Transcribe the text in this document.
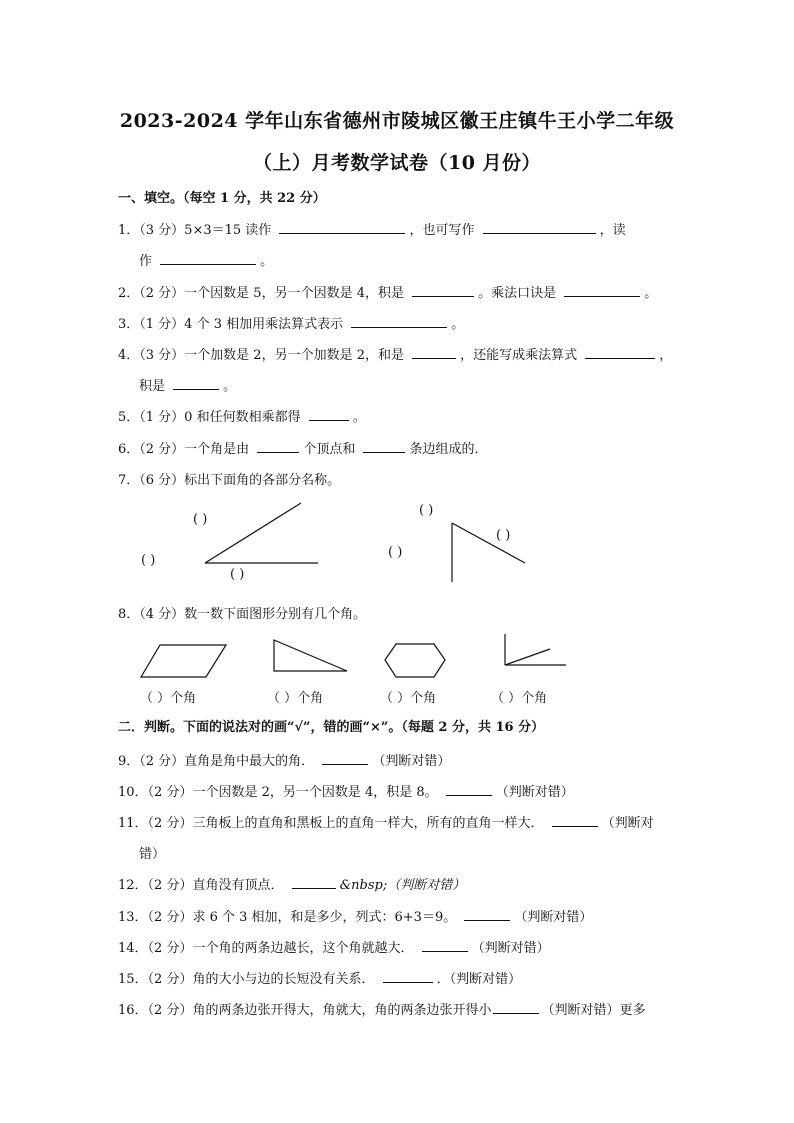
2023-2024 学年山东省德州市陵城区徽王庄镇牛王小学二年级
（上）月考数学试卷（10 月份）
一、填空。（每空 1 分，共 22 分）
1．（3 分）5×3＝15 读作	，也可写作	，读
作	。
2．（2 分）一个因数是 5，另一个因数是 4，积是	。乘法口诀是	。
3．（1 分）4 个 3 相加用乘法算式表示	。
4．（3 分）一个加数是 2，另一个加数是 2，和是	，还能写成乘法算式	，
积是	。
5．（1 分）0 和任何数相乘都得	。
6．（2 分）一个角是由	个顶点和	条边组成的．
7．（6 分）标出下面角的各部分名称。
( )
( )
( )
( )
( )
( )
8．（4 分）数一数下面图形分别有几个角。
（ ）个角	（ ）个角	（ ）个角	（ ）个角
二．判断。下面的说法对的画“√”，错的画“×”。（每题 2 分，共 16 分）
9．（2 分）直角是角中最大的角．	（判断对错）
10．（2 分）一个因数是 2，另一个因数是 4，积是 8。	（判断对错）
11．（2 分）三角板上的直角和黑板上的直角一样大，所有的直角一样大．	（判断对
错）
12．（2 分）直角没有顶点．	&nbsp;（判断对错）
13．（2 分）求 6 个 3 相加，和是多少，列式：6+3＝9。	（判断对错）
14．（2 分）一个角的两条边越长，这个角就越大．	（判断对错）
15．（2 分）角的大小与边的长短没有关系．	．（判断对错）
16．（2 分）角的两条边张开得大，角就大，角的两条边张开得小	（判断对错）更多
